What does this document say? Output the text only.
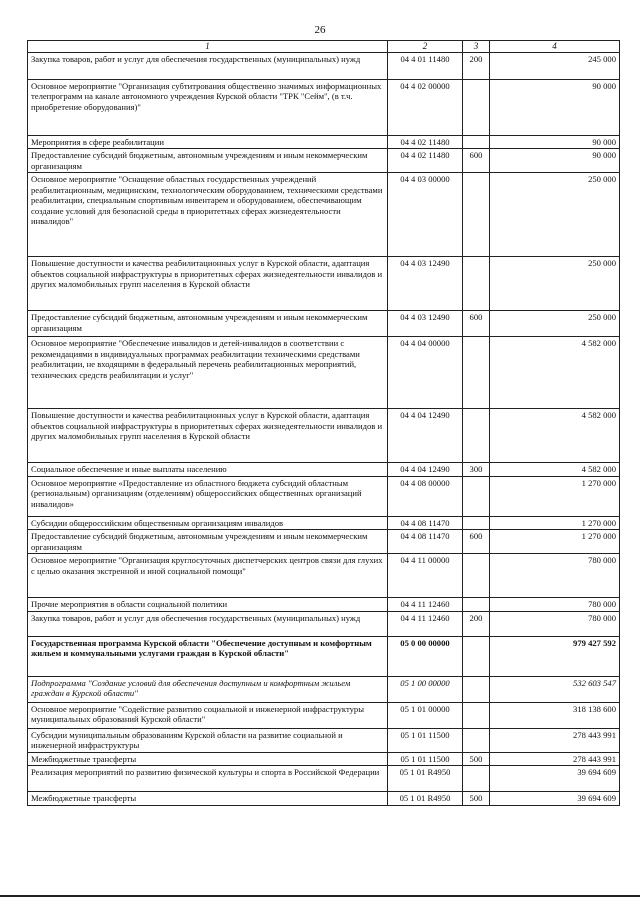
26
1	2	3	4
Закупка товаров, работ и услуг для обеспечения государственных (муниципальных) нужд	04 4 01 11480	200	245 000
Основное мероприятие "Организация субтитрования общественно значимых информационных телепрограмм на канале автономного учреждения Курской области "ТРК "Сейм", (в т.ч. приобретение оборудования)"	04 4 02 00000		90 000
Мероприятия в сфере реабилитации	04 4 02 11480		90 000
Предоставление субсидий бюджетным, автономным учреждениям и иным некоммерческим организациям	04 4 02 11480	600	90 000
Основное мероприятие "Оснащение областных государственных учреждений реабилитационным, медицинским, технологическим оборудованием, техническими средствами реабилитации, специальным спортивным инвентарем и оборудованием, обеспечивающим создание условий для безопасной среды в приоритетных сферах жизнедеятельности инвалидов"	04 4 03 00000		250 000
Повышение доступности и качества реабилитационных услуг в Курской области, адаптация объектов социальной инфраструктуры в приоритетных сферах жизнедеятельности инвалидов и других маломобильных групп населения в Курской области	04 4 03 12490		250 000
Предоставление субсидий бюджетным, автономным учреждениям и иным некоммерческим организациям	04 4 03 12490	600	250 000
Основное мероприятие "Обеспечение инвалидов и детей-инвалидов в соответствии с рекомендациями в индивидуальных программах реабилитации техническими средствами реабилитации, не входящими в федеральный перечень реабилитационных мероприятий, технических средств реабилитации и услуг"	04 4 04 00000		4 582 000
Повышение доступности и качества реабилитационных услуг в Курской области, адаптация объектов социальной инфраструктуры в приоритетных сферах жизнедеятельности инвалидов и других маломобильных групп населения в Курской области	04 4 04 12490		4 582 000
Социальное обеспечение и иные выплаты населению	04 4 04 12490	300	4 582 000
Основное мероприятие «Предоставление из областного бюджета субсидий областным (региональным) организациям (отделениям) общероссийских общественных организаций инвалидов»	04 4 08 00000		1 270 000
Субсидии общероссийским общественным организациям инвалидов	04 4 08 11470		1 270 000
Предоставление субсидий бюджетным, автономным учреждениям и иным некоммерческим организациям	04 4 08 11470	600	1 270 000
Основное мероприятие "Организация круглосуточных диспетчерских центров связи для глухих с целью оказания экстренной и иной социальной помощи"	04 4 11 00000		780 000
Прочие мероприятия в области социальной политики	04 4 11 12460		780 000
Закупка товаров, работ и услуг для обеспечения государственных (муниципальных) нужд	04 4 11 12460	200	780 000
Государственная программа Курской области "Обеспечение доступным и комфортным жильем и коммунальными услугами граждан в Курской области"	05 0 00 00000		979 427 592
Подпрограмма "Создание условий для обеспечения доступным и комфортным жильем граждан в Курской области"	05 1 00 00000		532 603 547
Основное мероприятие "Содействие развитию социальной и инженерной инфраструктуры муниципальных образований Курской области"	05 1 01 00000		318 138 600
Субсидии муниципальным образованиям Курской области на развитие социальной и инженерной инфраструктуры	05 1 01 11500		278 443 991
Межбюджетные трансферты	05 1 01 11500	500	278 443 991
Реализация мероприятий по развитию физической культуры и спорта в Российской Федерации	05 1 01 R4950		39 694 609
Межбюджетные трансферты	05 1 01 R4950	500	39 694 609
